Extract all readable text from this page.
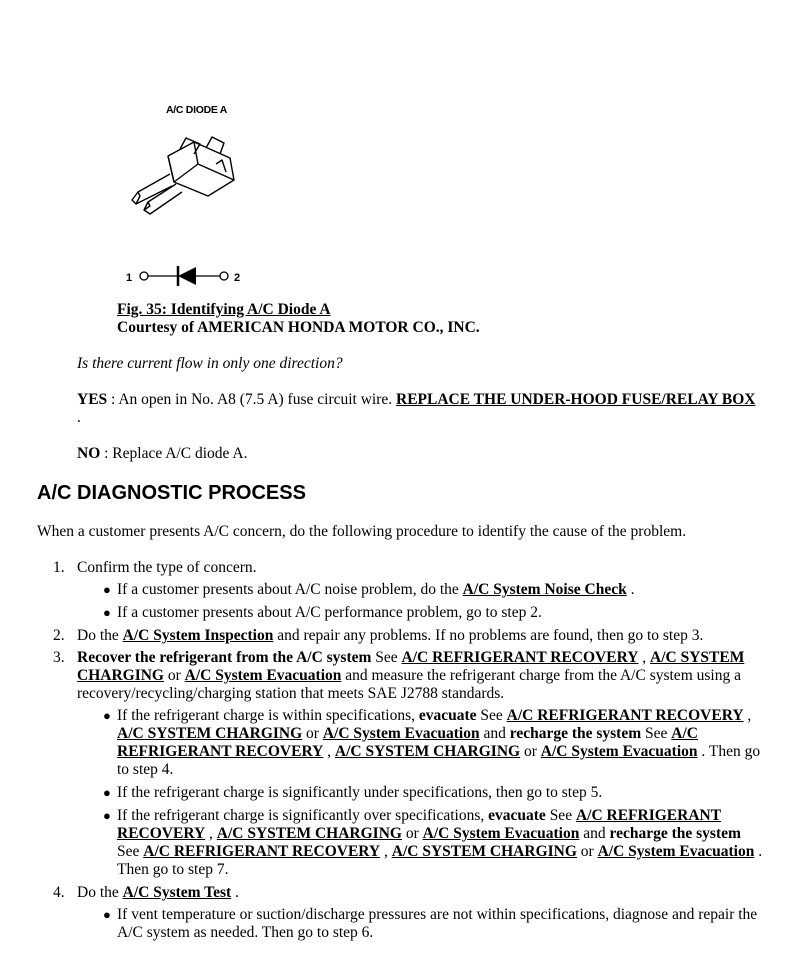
A/C DIODE A
1	2
Fig. 35: Identifying A/C Diode A
Courtesy of AMERICAN HONDA MOTOR CO., INC.
Is there current flow in only one direction?
YES : An open in No. A8 (7.5 A) fuse circuit wire. REPLACE THE UNDER-HOOD FUSE/RELAY BOX .
NO : Replace A/C diode A.
A/C DIAGNOSTIC PROCESS
When a customer presents A/C concern, do the following procedure to identify the cause of the problem.
1. Confirm the type of concern.
● If a customer presents about A/C noise problem, do the A/C System Noise Check .
● If a customer presents about A/C performance problem, go to step 2.
2. Do the A/C System Inspection and repair any problems. If no problems are found, then go to step 3.
3. Recover the refrigerant from the A/C system See A/C REFRIGERANT RECOVERY , A/C SYSTEM CHARGING or A/C System Evacuation and measure the refrigerant charge from the A/C system using a recovery/recycling/charging station that meets SAE J2788 standards.
● If the refrigerant charge is within specifications, evacuate See A/C REFRIGERANT RECOVERY , A/C SYSTEM CHARGING or A/C System Evacuation and recharge the system See A/C REFRIGERANT RECOVERY , A/C SYSTEM CHARGING or A/C System Evacuation . Then go to step 4.
● If the refrigerant charge is significantly under specifications, then go to step 5.
● If the refrigerant charge is significantly over specifications, evacuate See A/C REFRIGERANT RECOVERY , A/C SYSTEM CHARGING or A/C System Evacuation and recharge the system See A/C REFRIGERANT RECOVERY , A/C SYSTEM CHARGING or A/C System Evacuation . Then go to step 7.
4. Do the A/C System Test .
● If vent temperature or suction/discharge pressures are not within specifications, diagnose and repair the A/C system as needed. Then go to step 6.
